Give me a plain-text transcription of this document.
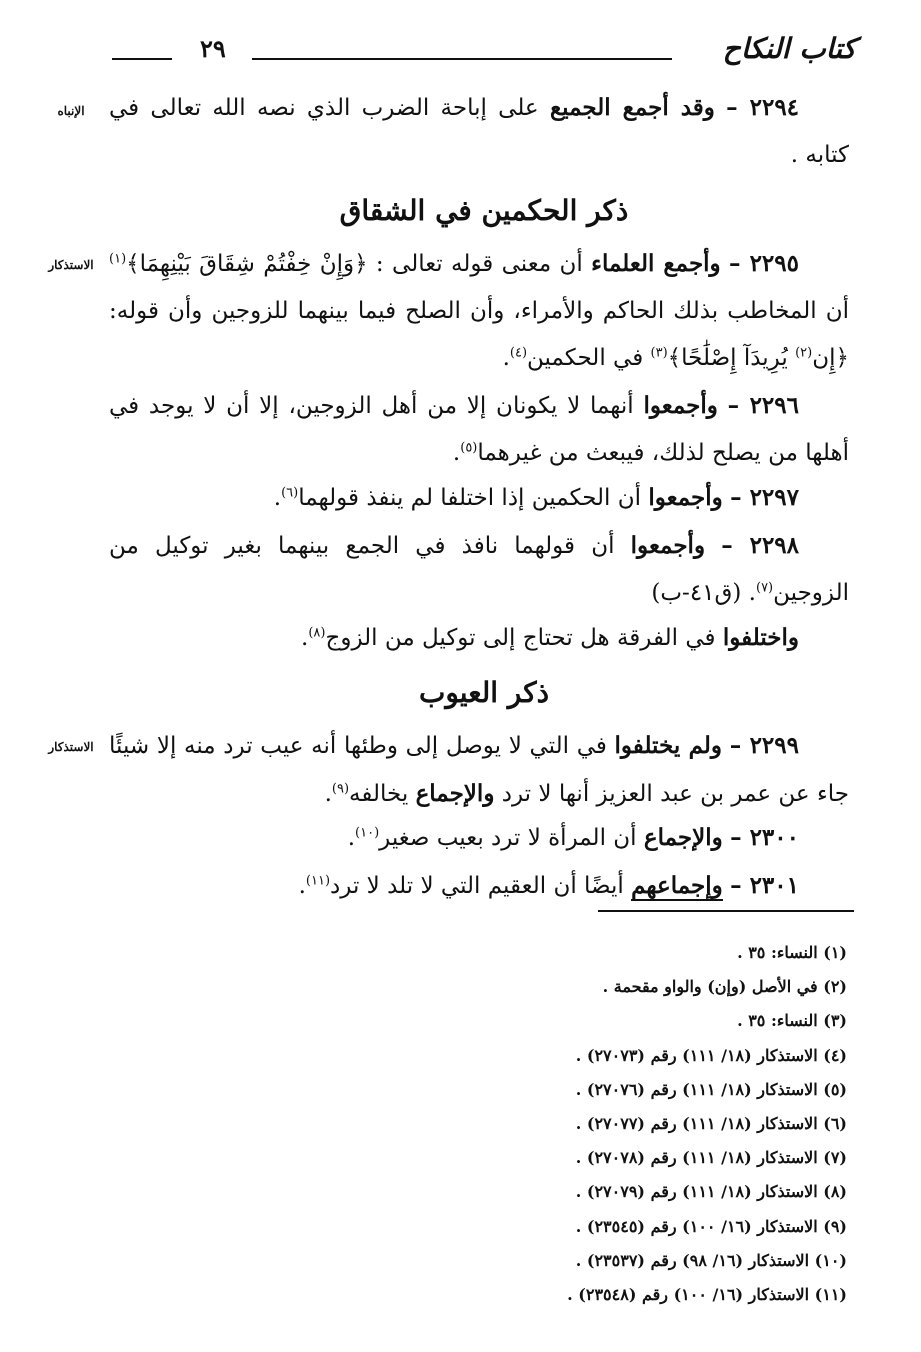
كتاب النكاح
٢٩
الإنباه
الاستذكار
الاستذكار
٢٢٩٤ – وقد أجمع الجميع على إباحة الضرب الذي نصه الله تعالى في كتابه .
ذكر الحكمين في الشقاق
٢٢٩٥ – وأجمع العلماء أن معنى قوله تعالى : ﴿وَإِنْ خِفْتُمْ شِقَاقَ بَيْنِهِمَا﴾$^{(١)}$ أن المخاطب بذلك الحاكم والأمراء، وأن الصلح فيما بينهما للزوجين وأن قوله: ﴿إِن$^{(٢)}$ يُرِيدَآ إِصْلَٰحًا﴾$^{(٣)}$ في الحكمين$^{(٤)}$.
٢٢٩٦ – وأجمعوا أنهما لا يكونان إلا من أهل الزوجين، إلا أن لا يوجد في أهلها من يصلح لذلك، فيبعث من غيرهما$^{(٥)}$.
٢٢٩٧ – وأجمعوا أن الحكمين إذا اختلفا لم ينفذ قولهما$^{(٦)}$.
٢٢٩٨ – وأجمعوا أن قولهما نافذ في الجمع بينهما بغير توكيل من الزوجين$^{(٧)}$. (ق٤١-ب)
واختلفوا في الفرقة هل تحتاج إلى توكيل من الزوج$^{(٨)}$.
ذكر العيوب
٢٢٩٩ – ولم يختلفوا في التي لا يوصل إلى وطئها أنه عيب ترد منه إلا شيئًا جاء عن عمر بن عبد العزيز أنها لا ترد والإجماع يخالفه$^{(٩)}$.
٢٣٠٠ – والإجماع أن المرأة لا ترد بعيب صغير$^{(١٠)}$.
٢٣٠١ – وإجماعهم أيضًا أن العقيم التي لا تلد لا ترد$^{(١١)}$.
(١) النساء: ٣٥ .
(٢) في الأصل (وإن) والواو مقحمة .
(٣) النساء: ٣٥ .
(٤) الاستذكار (١٨/ ١١١) رقم (٢٧٠٧٣) .
(٥) الاستذكار (١٨/ ١١١) رقم (٢٧٠٧٦) .
(٦) الاستذكار (١٨/ ١١١) رقم (٢٧٠٧٧) .
(٧) الاستذكار (١٨/ ١١١) رقم (٢٧٠٧٨) .
(٨) الاستذكار (١٨/ ١١١) رقم (٢٧٠٧٩) .
(٩) الاستذكار (١٦/ ١٠٠) رقم (٢٣٥٤٥) .
(١٠) الاستذكار (١٦/ ٩٨) رقم (٢٣٥٣٧) .
(١١) الاستذكار (١٦/ ١٠٠) رقم (٢٣٥٤٨) .
